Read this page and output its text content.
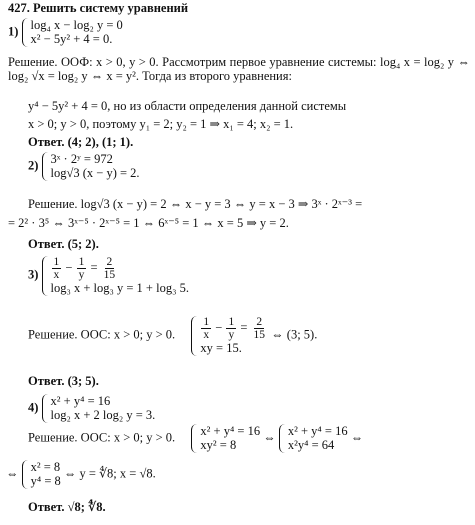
427. Решить систему уравнений
1) log₄ x − log₂ y = 0
x² − 5y² + 4 = 0.
Решение. ООФ: x > 0, y > 0. Рассмотрим первое уравнение системы: log₄ x = log₂ y ⇔ log₂ √x = log₂ y ⇔ x = y². Тогда из второго уравнения:
y⁴ − 5y² + 4 = 0, но из области определения данной системы
x > 0; y > 0, поэтому y₁ = 2; y₂ = 1 ⇒ x₁ = 4; x₂ = 1.
Ответ. (4; 2), (1; 1).
2) 3ˣ · 2ʸ = 972
log√3 (x − y) = 2.
Решение. log√3 (x − y) = 2 ⇔ x − y = 3 ⇔ y = x − 3 ⇒ 3ˣ · 2ˣ⁻³ =
= 2² · 3⁵ ⇔ 3ˣ⁻⁵ · 2ˣ⁻⁵ = 1 ⇔ 6ˣ⁻⁵ = 1 ⇔ x = 5 ⇒ y = 2.
Ответ. (5; 2).
$3) \frac{1}{x} - \frac{1}{y} = \frac{2}{15}$
log₃ x + log₃ y = 1 + log₃ 5.
Решение. ООС: x > 0; y > 0. $\frac{1}{x} - \frac{1}{y} = \frac{2}{15}$
xy = 15.
⇔ (3; 5).
Ответ. (3; 5).
4) x² + y⁴ = 16
log₂ x + 2 log₂ y = 3.
Решение. ООС: x > 0; y > 0. x² + y⁴ = 16
xy² = 8
⇔ x² + y⁴ = 16
x²y⁴ = 64
⇔
⇔ x² = 8
y⁴ = 8
⇔ y = ∜8; x = √8.
Ответ. √8; ∜8.
